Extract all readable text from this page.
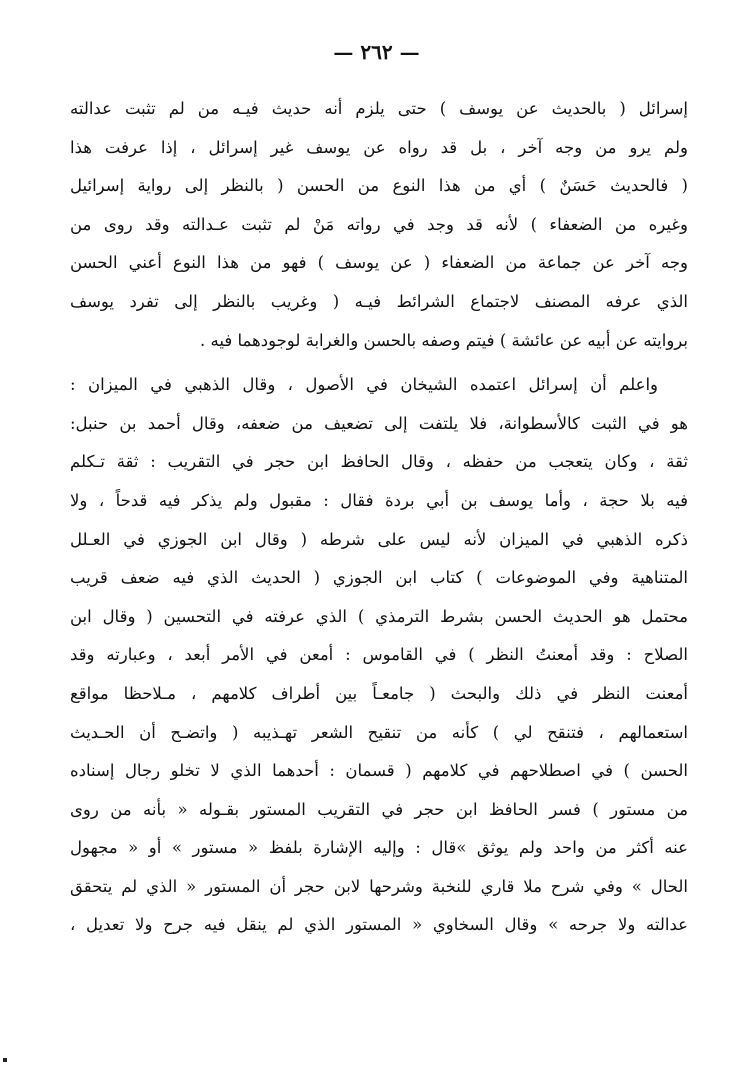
— ٢٦٢ —
إسرائل ( بالحديث عن يوسف ) حتى يلزم أنه حديث فيـه من لم تثبت عدالته
ولم يرو من وجه آخر ، بل قد رواه عن يوسف غير إسرائل ، إذا عرفت هذا
( فالحديث حَسَنٌ ) أي من هذا النوع من الحسن ( بالنظر إلى رواية إسرائيل
وغيره من الضعفاء ) لأنه قد وجد في رواته مَنْ لم تثبت عـدالته وقد روى من
وجه آخر عن جماعة من الضعفاء ( عن يوسف ) فهو من هذا النوع أعني الحسن
الذي عرفه المصنف لاجتماع الشرائط فيـه ( وغريب بالنظر إلى تفرد يوسف
بروايته عن أبيه عن عائشة ) فيتم وصفه بالحسن والغرابة لوجودهما فيه .
واعلم أن إسرائل اعتمده الشيخان في الأصول ، وقال الذهبي في الميزان :
هو في الثبت كالأسطوانة، فلا يلتفت إلى تضعيف من ضعفه، وقال أحمد بن حنبل:
ثقة ، وكان يتعجب من حفظه ، وقال الحافظ ابن حجر في التقريب : ثقة تـكلم
فيه بلا حجة ، وأما يوسف بن أبي بردة فقال : مقبول ولم يذكر فيه قدحاً ، ولا
ذكره الذهبي في الميزان لأنه ليس على شرطه ( وقال ابن الجوزي في العـلل
المتناهية وفي الموضوعات ) كتاب ابن الجوزي ( الحديث الذي فيه ضعف قريب
محتمل هو الحديث الحسن بشرط الترمذي ) الذي عرفته في التحسين ( وقال ابن
الصلاح : وقد أمعنتُ النظر ) في القاموس : أمعن في الأمر أبعد ، وعبارته وقد
أمعنت النظر في ذلك والبحث ( جامعـاً بين أطراف كلامهم ، مـلاحظا مواقع
استعمالهم ، فتنقح لي ) كأنه من تنقيح الشعر تهـذيبه ( واتضـح أن الحـديث
الحسن ) في اصطلاحهم في كلامهم ( قسمان : أحدهما الذي لا تخلو رجال إسناده
من مستور ) فسر الحافظ ابن حجر في التقريب المستور بقـوله « بأنه من روى
عنه أكثر من واحد ولم يوثق »قال : وإليه الإشارة بلفظ « مستور » أو « مجهول
الحال » وفي شرح ملا قاري للنخبة وشرحها لابن حجر أن المستور « الذي لم يتحقق
عدالته ولا جرحه » وقال السخاوي « المستور الذي لم ينقل فيه جرح ولا تعديل ،
